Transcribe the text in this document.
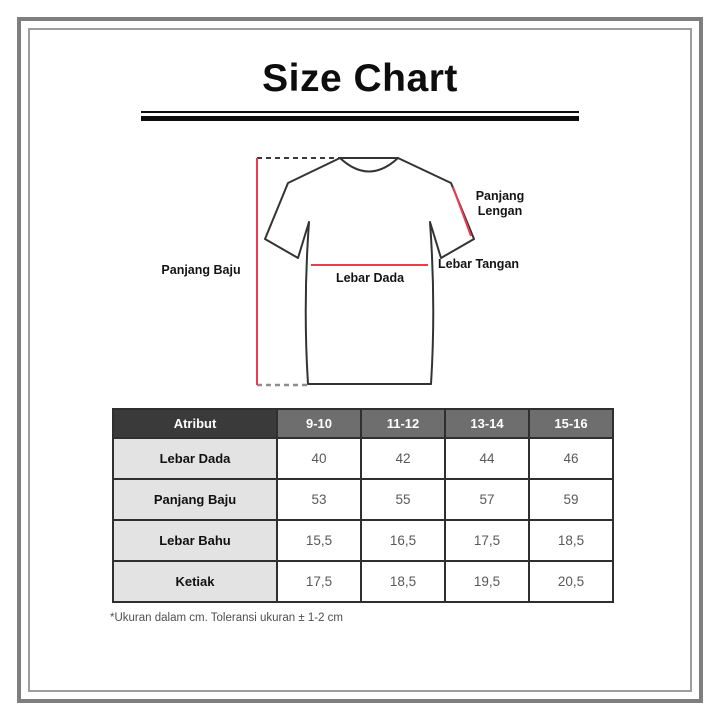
Size Chart
Panjang Baju
Lebar Dada
Panjang Lengan
Lebar Tangan
Atribut	9-10	11-12	13-14	15-16
Lebar Dada	40	42	44	46
Panjang Baju	53	55	57	59
Lebar Bahu	15,5	16,5	17,5	18,5
Ketiak	17,5	18,5	19,5	20,5
*Ukuran dalam cm. Toleransi ukuran ± 1-2 cm
